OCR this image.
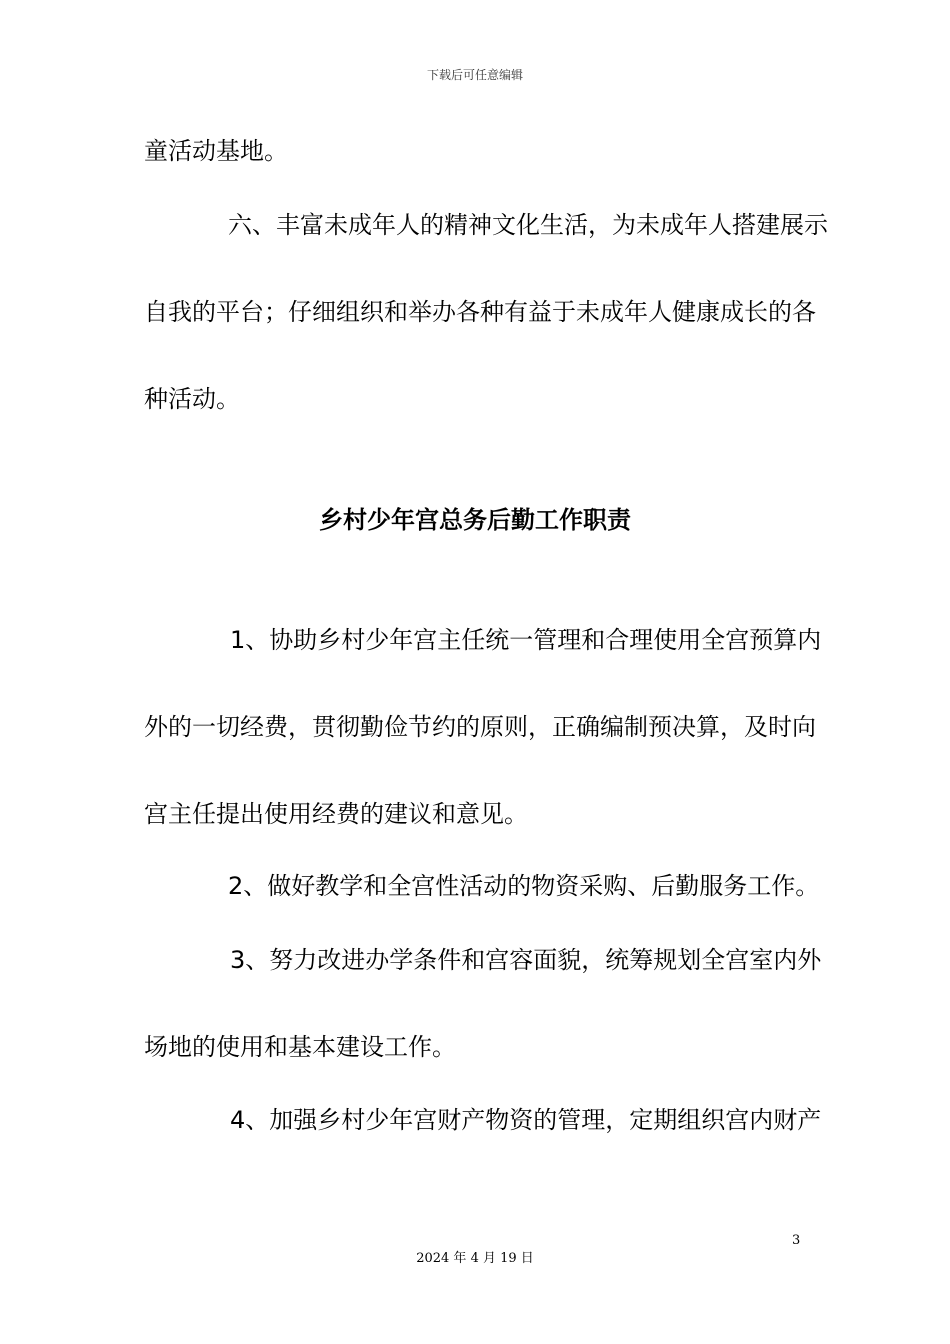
下载后可任意编辑
童活动基地。
六、丰富未成年人的精神文化生活，为未成年人搭建展示
自我的平台；仔细组织和举办各种有益于未成年人健康成长的各
种活动。
乡村少年宫总务后勤工作职责
1、协助乡村少年宫主任统一管理和合理使用全宫预算内
外的一切经费，贯彻勤俭节约的原则，正确编制预决算，及时向
宫主任提出使用经费的建议和意见。
2、做好教学和全宫性活动的物资采购、后勤服务工作。
3、努力改进办学条件和宫容面貌，统筹规划全宫室内外
场地的使用和基本建设工作。
4、加强乡村少年宫财产物资的管理，定期组织宫内财产
3
2024 年 4 月 19 日
